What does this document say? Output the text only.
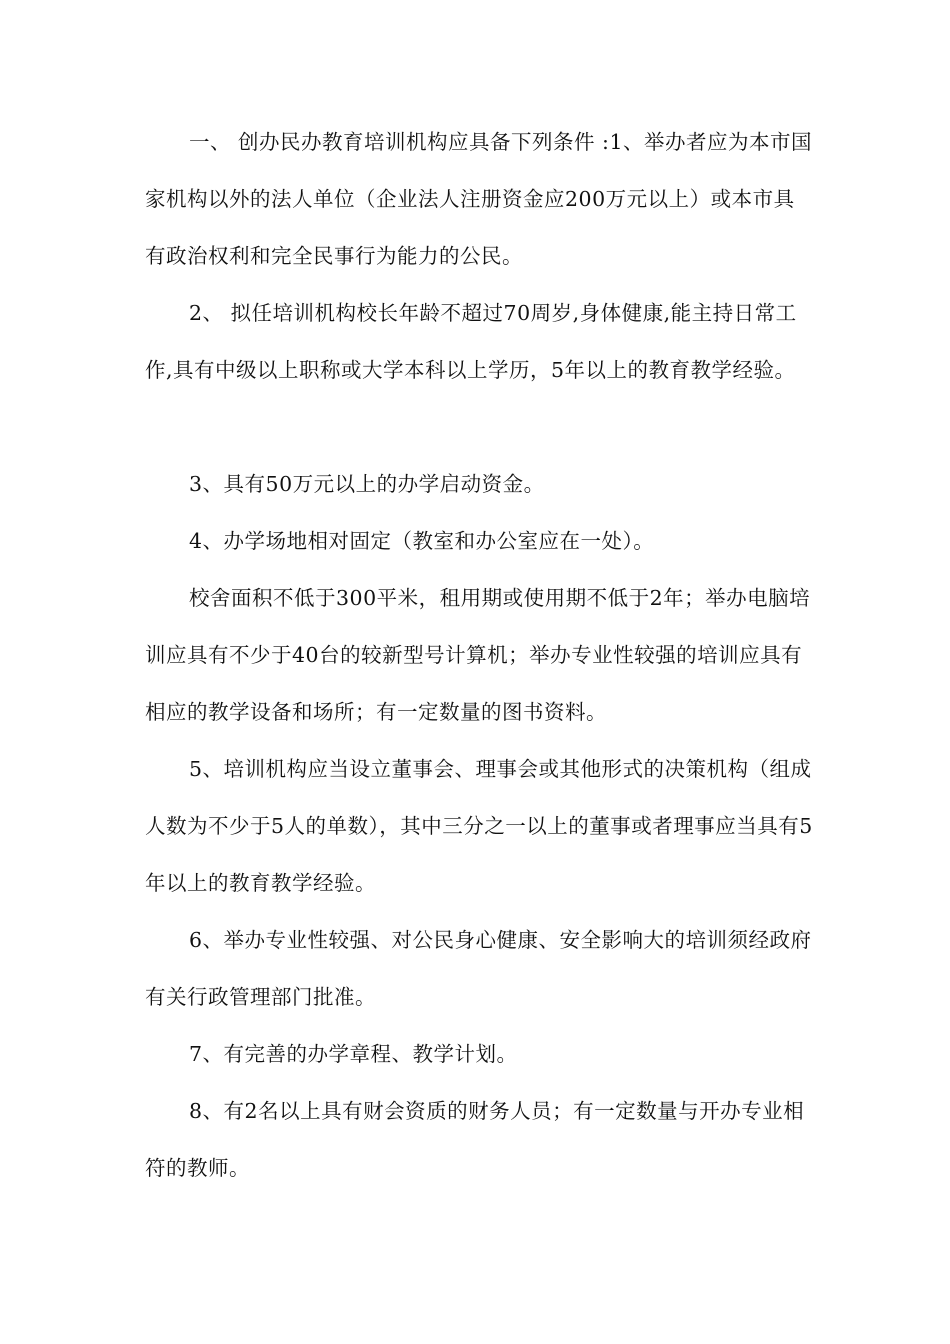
一、 创办民办教育培训机构应具备下列条件 :1、举办者应为本市国家机构以外的法人单位（企业法人注册资金应200万元以上）或本市具有政治权利和完全民事行为能力的公民。

2、 拟任培训机构校长年龄不超过70周岁,身体健康,能主持日常工作,具有中级以上职称或大学本科以上学历，5年以上的教育教学经验。

3、具有50万元以上的办学启动资金。

4、办学场地相对固定（教室和办公室应在一处）。

校舍面积不低于300平米，租用期或使用期不低于2年；举办电脑培训应具有不少于40台的较新型号计算机；举办专业性较强的培训应具有相应的教学设备和场所；有一定数量的图书资料。

5、培训机构应当设立董事会、理事会或其他形式的决策机构（组成人数为不少于5人的单数），其中三分之一以上的董事或者理事应当具有5年以上的教育教学经验。

6、举办专业性较强、对公民身心健康、安全影响大的培训须经政府有关行政管理部门批准。

7、有完善的办学章程、教学计划。

8、有2名以上具有财会资质的财务人员；有一定数量与开办专业相符的教师。
